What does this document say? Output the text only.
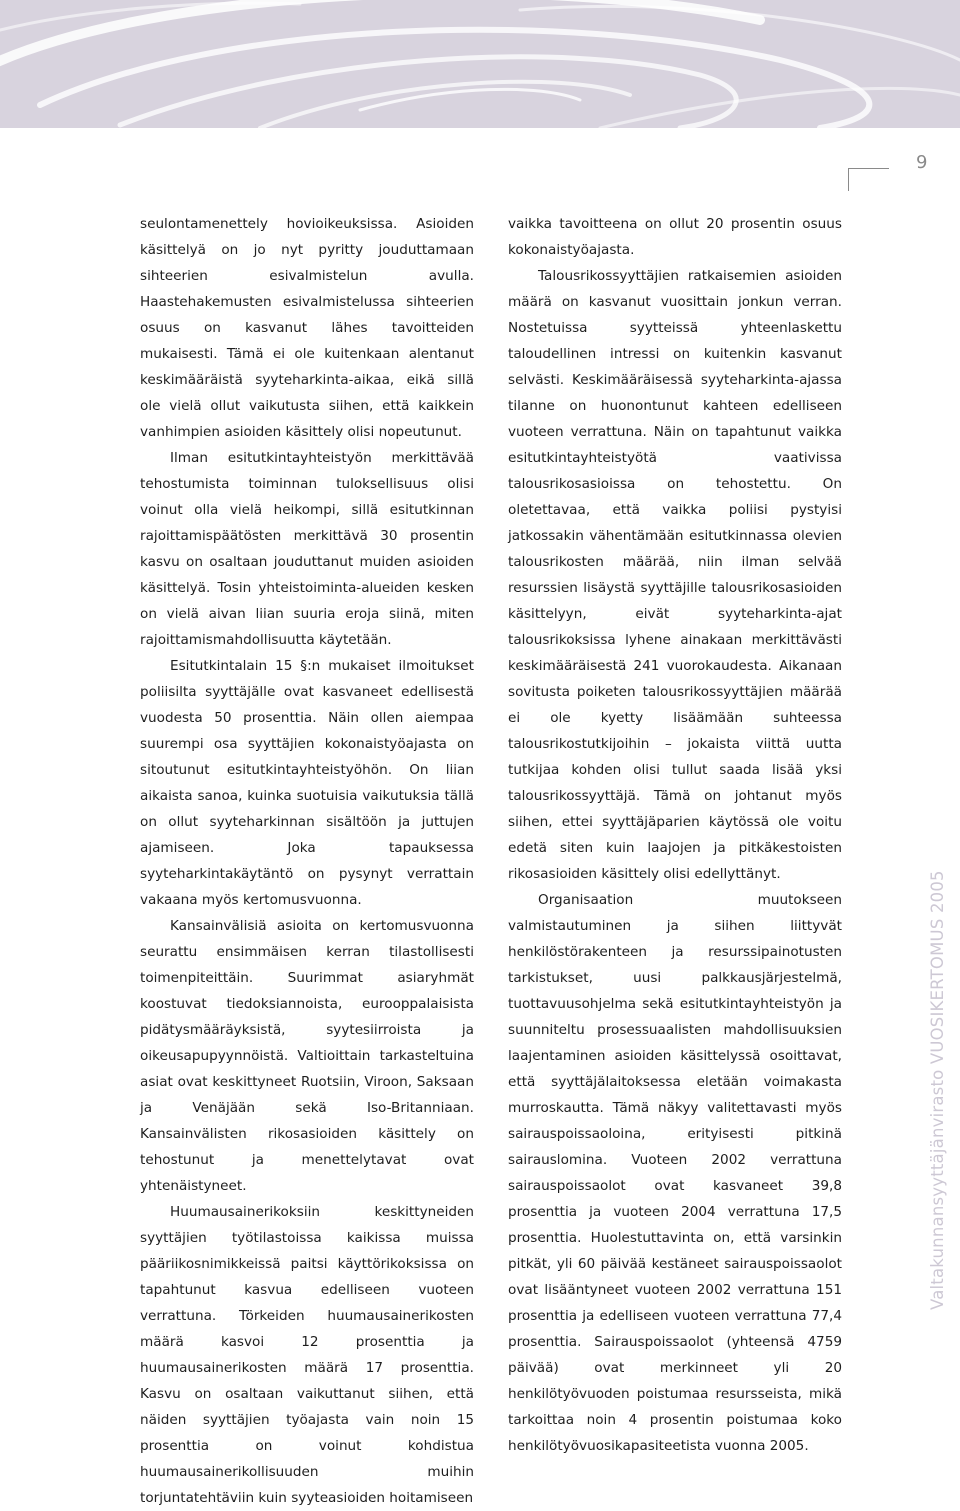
9

seulontamenettely hovioikeuksissa. Asioiden käsittelyä on jo nyt pyritty jouduttamaan sihteerien esivalmistelun avulla. Haastehakemusten esivalmistelussa sihteerien osuus on kasvanut lähes tavoitteiden mukaisesti. Tämä ei ole kuitenkaan alentanut keskimääräistä syyteharkinta-aikaa, eikä sillä ole vielä ollut vaikutusta siihen, että kaikkein vanhimpien asioiden käsittely olisi nopeutunut.

Ilman esitutkintayhteistyön merkittävää tehostumista toiminnan tuloksellisuus olisi voinut olla vielä heikompi, sillä esitutkinnan rajoittamispäätösten merkittävä 30 prosentin kasvu on osaltaan jouduttanut muiden asioiden käsittelyä. Tosin yhteistoiminta-alueiden kesken on vielä aivan liian suuria eroja siinä, miten rajoittamismahdollisuutta käytetään.

Esitutkintalain 15 §:n mukaiset ilmoitukset poliisilta syyttäjälle ovat kasvaneet edellisestä vuodesta 50 prosenttia. Näin ollen aiempaa suurempi osa syyttäjien kokonaistyöajasta on sitoutunut esitutkintayhteistyöhön. On liian aikaista sanoa, kuinka suotuisia vaikutuksia tällä on ollut syyteharkinnan sisältöön ja juttujen ajamiseen. Joka tapauksessa syyteharkintakäytäntö on pysynyt verrattain vakaana myös kertomusvuonna.

Kansainvälisiä asioita on kertomusvuonna seurattu ensimmäisen kerran tilastollisesti toimenpiteittäin. Suurimmat asiaryhmät koostuvat tiedoksiannoista, eurooppalaisista pidätysmääräyksistä, syytesiirroista ja oikeusapupyynnöistä. Valtioittain tarkasteltuina asiat ovat keskittyneet Ruotsiin, Viroon, Saksaan ja Venäjään sekä Iso-Britanniaan. Kansainvälisten rikosasioiden käsittely on tehostunut ja menettelytavat ovat yhtenäistyneet.

Huumausainerikoksiin keskittyneiden syyttäjien työtilastoissa kaikissa muissa pääriikosnimikkeissä paitsi käyttörikoksissa on tapahtunut kasvua edelliseen vuoteen verrattuna. Törkeiden huumausainerikosten määrä kasvoi 12 prosenttia ja huumausainerikosten määrä 17 prosenttia. Kasvu on osaltaan vaikuttanut siihen, että näiden syyttäjien työajasta vain noin 15 prosenttia on voinut kohdistua huumausainerikollisuuden muihin torjuntatehtäviin kuin syyteasioiden hoitamiseen

vaikka tavoitteena on ollut 20 prosentin osuus kokonaistyöajasta.

Talousrikossyyttäjien ratkaisemien asioiden määrä on kasvanut vuosittain jonkun verran. Nostetuissa syytteissä yhteenlaskettu taloudellinen intressi on kuitenkin kasvanut selvästi. Keskimääräisessä syyteharkinta-ajassa tilanne on huonontunut kahteen edelliseen vuoteen verrattuna. Näin on tapahtunut vaikka esitutkintayhteistyötä vaativissa talousrikosasioissa on tehostettu. On oletettavaa, että vaikka poliisi pystyisi jatkossakin vähentämään esitutkinnassa olevien talousrikosten määrää, niin ilman selvää resurssien lisäystä syyttäjille talousrikosasioiden käsittelyyn, eivät syyteharkinta-ajat talousrikoksissa lyhene ainakaan merkittävästi keskimääräisestä 241 vuorokaudesta. Aikanaan sovitusta poiketen talousrikossyyttäjien määrää ei ole kyetty lisäämään suhteessa talousrikostutkijoihin – jokaista viittä uutta tutkijaa kohden olisi tullut saada lisää yksi talousrikossyyttäjä. Tämä on johtanut myös siihen, ettei syyttäjäparien käytössä ole voitu edetä siten kuin laajojen ja pitkäkestoisten rikosasioiden käsittely olisi edellyttänyt.

Organisaation muutokseen valmistautuminen ja siihen liittyvät henkilöstörakenteen ja resurssipainotusten tarkistukset, uusi palkkausjärjestelmä, tuottavuusohjelma sekä esitutkintayhteistyön ja suunniteltu prosessuaalisten mahdollisuuksien laajentaminen asioiden käsittelyssä osoittavat, että syyttäjälaitoksessa eletään voimakasta murroskautta. Tämä näkyy valitettavasti myös sairauspoissaoloina, erityisesti pitkinä sairauslomina. Vuoteen 2002 verrattuna sairauspoissaolot ovat kasvaneet 39,8 prosenttia ja vuoteen 2004 verrattuna 17,5 prosenttia. Huolestuttavinta on, että varsinkin pitkät, yli 60 päivää kestäneet sairauspoissaolot ovat lisääntyneet vuoteen 2002 verrattuna 151 prosenttia ja edelliseen vuoteen verrattuna 77,4 prosenttia. Sairauspoissaolot (yhteensä 4759 päivää) ovat merkinneet yli 20 henkilötyövuoden poistumaa resursseista, mikä tarkoittaa noin 4 prosentin poistumaa koko henkilötyövuosikapasiteetista vuonna 2005.

Valtakunnansyyttäjänvirasto VUOSIKERTOMUS 2005
